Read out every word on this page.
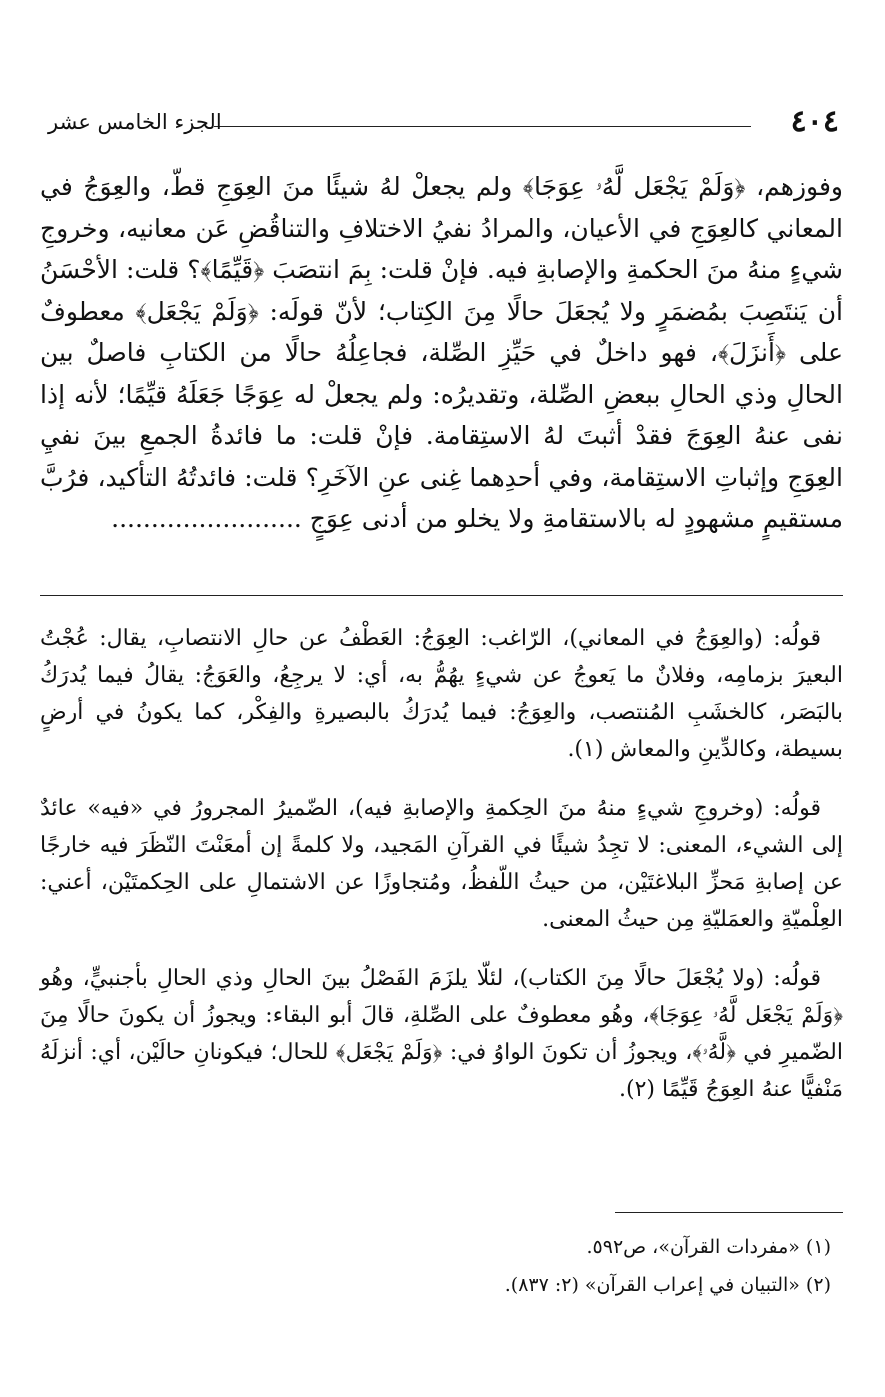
٤٠٤
الجزء الخامس عشر

وفوزهم، ﴿وَلَمْ يَجْعَل لَّهُۥ عِوَجَا﴾ ولم يجعلْ لهُ شيئًا منَ العِوَجِ قطّ، والعِوَجُ في المعاني كالعِوَجِ في الأعيان، والمرادُ نفيُ الاختلافِ والتناقُضِ عَن معانيه، وخروجِ شيءٍ منهُ منَ الحكمةِ والإصابةِ فيه. فإنْ قلت: بِمَ انتصَبَ ﴿قَيِّمًا﴾؟ قلت: الأحْسَنُ أن يَنتَصِبَ بمُضمَرٍ ولا يُجعَلَ حالًا مِنَ الكِتاب؛ لأنّ قولَه: ﴿وَلَمْ يَجْعَل﴾ معطوفٌ على ﴿أَنزَلَ﴾، فهو داخلٌ في حَيِّزِ الصِّلة، فجاعِلُهُ حالًا من الكتابِ فاصلٌ بين الحالِ وذي الحالِ ببعضِ الصِّلة، وتقديرُه: ولم يجعلْ له عِوَجًا جَعَلَهُ قيِّمًا؛ لأنه إذا نفى عنهُ العِوَجَ فقدْ أثبتَ لهُ الاستِقامة. فإنْ قلت: ما فائدةُ الجمعِ بينَ نفيِ العِوَجِ وإثباتِ الاستِقامة، وفي أحدِهما غِنى عنِ الآخَرِ؟ قلت: فائدتُهُ التأكيد، فرُبَّ مستقيمٍ مشهودٍ له بالاستقامةِ ولا يخلو من أدنى عِوَجٍ ........................

قولُه: (والعِوَجُ في المعاني)، الرّاغب: العِوَجُ: العَطْفُ عن حالِ الانتصابِ، يقال: عُجْتُ البعيرَ بزمامِه، وفلانٌ ما يَعوجُ عن شيءٍ يهُمُّ به، أي: لا يرجِعُ، والعَوَجُ: يقالُ فيما يُدرَكُ بالبَصَر، كالخشَبِ المُنتصب، والعِوَجُ: فيما يُدرَكُ بالبصيرةِ والفِكْر، كما يكونُ في أرضٍ بسيطة، وكالدِّينِ والمعاش (١).

قولُه: (وخروجِ شيءٍ منهُ منَ الحِكمةِ والإصابةِ فيه)، الضّميرُ المجرورُ في «فيه» عائدٌ إلى الشيء، المعنى: لا تجِدُ شيئًا في القرآنِ المَجيد، ولا كلمةً إن أمعَنْتَ النّظَرَ فيه خارجًا عن إصابةِ مَحزِّ البلاغتَيْن، من حيثُ اللّفظُ، ومُتجاوزًا عن الاشتمالِ على الحِكمتَيْن، أعني: العِلْميّةِ والعمَليّةِ مِن حيثُ المعنى.

قولُه: (ولا يُجْعَلَ حالًا مِنَ الكتاب)، لئلّا يلزَمَ الفَصْلُ بينَ الحالِ وذي الحالِ بأجنبيٍّ، وهُو ﴿وَلَمْ يَجْعَل لَّهُۥ عِوَجَا﴾، وهُو معطوفٌ على الصِّلةِ، قالَ أبو البقاء: ويجوزُ أن يكونَ حالًا مِنَ الضّميرِ في ﴿لَّهُۥ﴾، ويجوزُ أن تكونَ الواوُ في: ﴿وَلَمْ يَجْعَل﴾ للحال؛ فيكونانِ حالَيْن، أي: أنزلَهُ مَنْفيًّا عنهُ العِوَجُ قَيِّمًا (٢).

(١) «مفردات القرآن»، ص٥٩٢.
(٢) «التبيان في إعراب القرآن» (٢: ٨٣٧).
